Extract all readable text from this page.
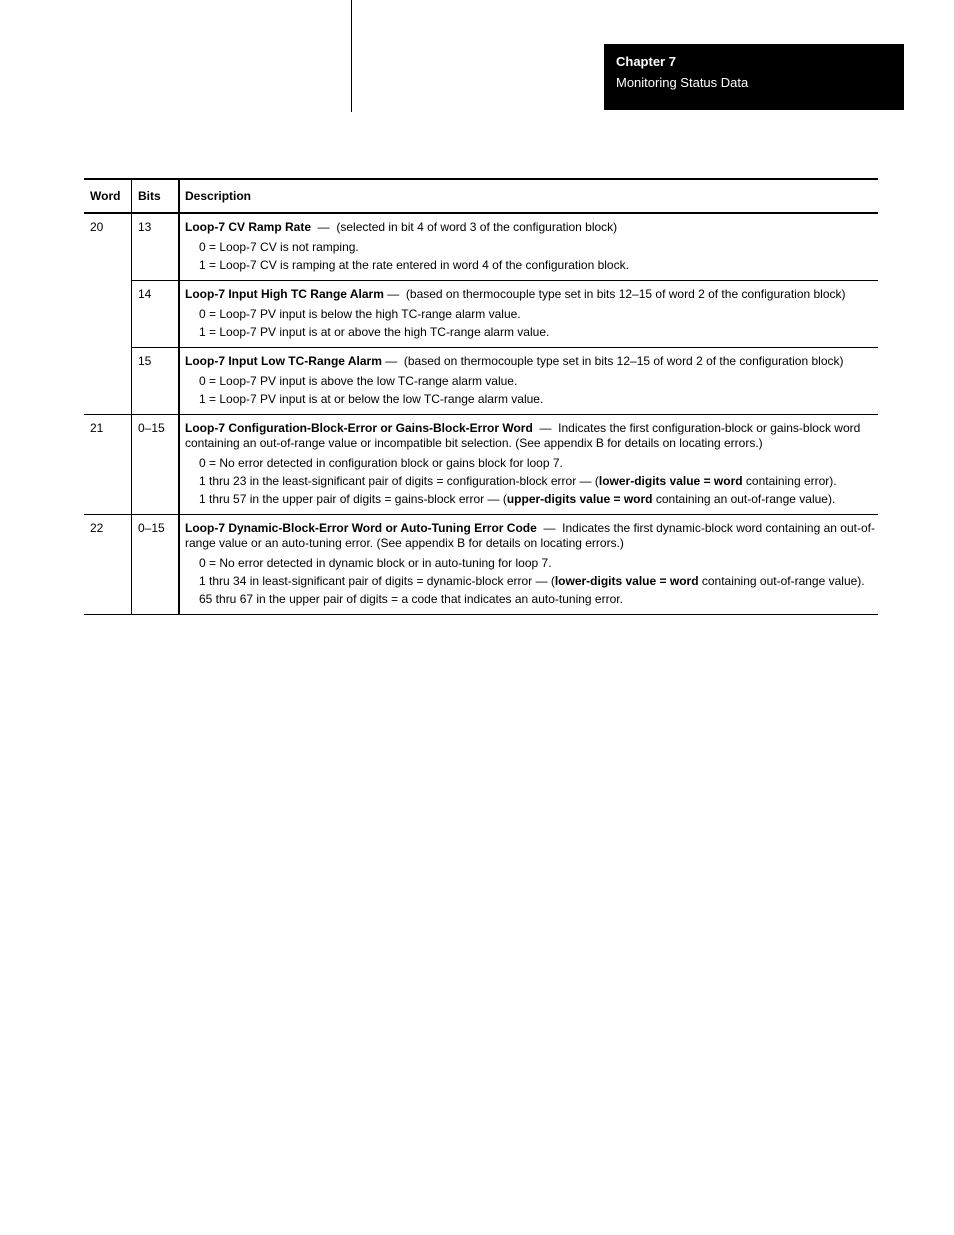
Chapter 7
Monitoring Status Data
Word	Bits	Description
20	13	Loop-7 CV Ramp Rate  —  (selected in bit 4 of word 3 of the configuration block)
0 = Loop-7 CV is not ramping.
1 = Loop-7 CV is ramping at the rate entered in word 4 of the configuration block.

	14	Loop-7 Input High TC Range Alarm —  (based on thermocouple type set in bits 12–15 of word 2 of the configuration block)
0 = Loop-7 PV input is below the high TC-range alarm value.
1 = Loop-7 PV input is at or above the high TC-range alarm value.

	15	Loop-7 Input Low TC-Range Alarm —  (based on thermocouple type set in bits 12–15 of word 2 of the configuration block)
0 = Loop-7 PV input is above the low TC-range alarm value.
1 = Loop-7 PV input is at or below the low TC-range alarm value.

21	0–15	Loop-7 Configuration-Block-Error or Gains-Block-Error Word  —  Indicates the first configuration-block or gains-block word containing an out-of-range value or incompatible bit selection. (See appendix B for details on locating errors.)
0 = No error detected in configuration block or gains block for loop 7.
1 thru 23 in the least-significant pair of digits = configuration-block error — (lower-digits value = word containing error).
1 thru 57 in the upper pair of digits = gains-block error — (upper-digits value = word containing an out-of-range value).

22	0–15	Loop-7 Dynamic-Block-Error Word or Auto-Tuning Error Code  —  Indicates the first dynamic-block word containing an out-of-range value or an auto-tuning error. (See appendix B for details on locating errors.)
0 = No error detected in dynamic block or in auto-tuning for loop 7.
1 thru 34 in least-significant pair of digits = dynamic-block error — (lower-digits value = word containing out-of-range value).
65 thru 67 in the upper pair of digits = a code that indicates an auto-tuning error.
